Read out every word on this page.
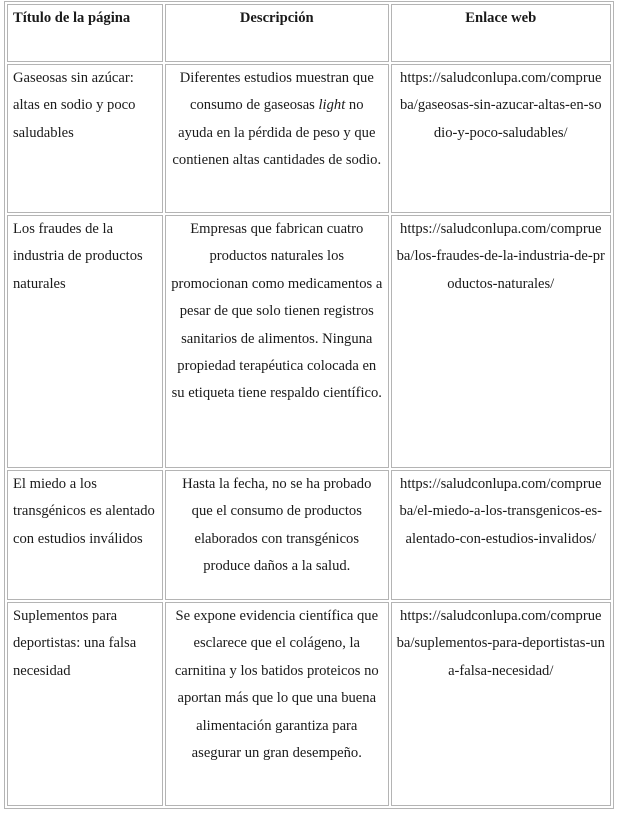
Título de la página	Descripción	Enlace web
Gaseosas sin azúcar: altas en sodio y poco saludables	Diferentes estudios muestran que consumo de gaseosas light no ayuda en la pérdida de peso y que contienen altas cantidades de sodio.	https://saludconlupa.com/comprueba/gaseosas-sin-azucar-altas-en-sodio-y-poco-saludables/
Los fraudes de la industria de productos naturales	Empresas que fabrican cuatro productos naturales los promocionan como medicamentos a pesar de que solo tienen registros sanitarios de alimentos. Ninguna propiedad terapéutica colocada en su etiqueta tiene respaldo científico.	https://saludconlupa.com/comprueba/los-fraudes-de-la-industria-de-productos-naturales/
El miedo a los transgénicos es alentado con estudios inválidos	Hasta la fecha, no se ha probado que el consumo de productos elaborados con transgénicos produce daños a la salud.	https://saludconlupa.com/comprueba/el-miedo-a-los-transgenicos-es-alentado-con-estudios-invalidos/
Suplementos para deportistas: una falsa necesidad	Se expone evidencia científica que esclarece que el colágeno, la carnitina y los batidos proteicos no aportan más que lo que una buena alimentación garantiza para asegurar un gran desempeño.	https://saludconlupa.com/comprueba/suplementos-para-deportistas-una-falsa-necesidad/
